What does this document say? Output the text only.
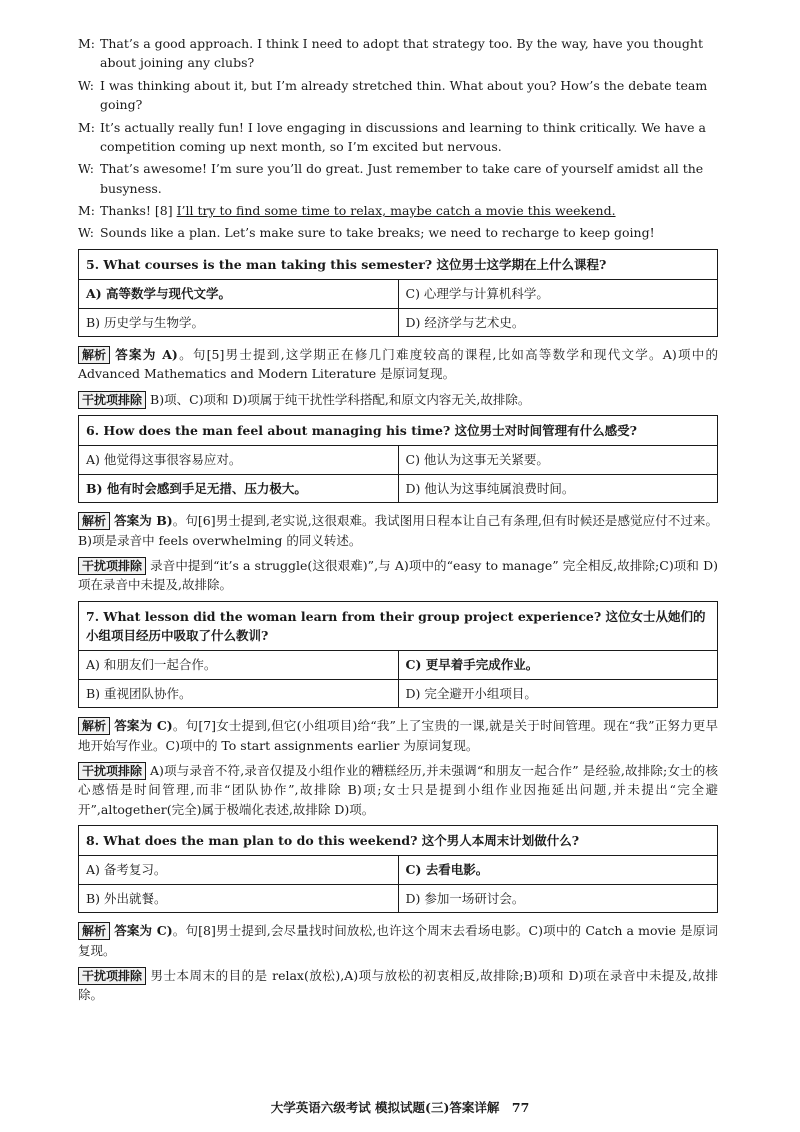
M: That’s a good approach. I think I need to adopt that strategy too. By the way, have you thought about joining any clubs?
W: I was thinking about it, but I’m already stretched thin. What about you? How’s the debate team going?
M: It’s actually really fun! I love engaging in discussions and learning to think critically. We have a competition coming up next month, so I’m excited but nervous.
W: That’s awesome! I’m sure you’ll do great. Just remember to take care of yourself amidst all the busyness.
M: Thanks! [8] I’ll try to find some time to relax, maybe catch a movie this weekend.
W: Sounds like a plan. Let’s make sure to take breaks; we need to recharge to keep going!
5. What courses is the man taking this semester? 这位男士这学期在上什么课程?	
A) 高等数学与现代文学。	C) 心理学与计算机科学。
B) 历史学与生物学。	D) 经济学与艺术史。

解析 答案为 A)。句[5]男士提到,这学期正在修几门难度较高的课程,比如高等数学和现代文学。A)项中的 Advanced Mathematics and Modern Literature 是原词复现。

干扰项排除 B)项、C)项和 D)项属于纯干扰性学科搭配,和原文内容无关,故排除。

6. How does the man feel about managing his time? 这位男士对时间管理有什么感受?	
A) 他觉得这事很容易应对。	C) 他认为这事无关紧要。
B) 他有时会感到手足无措、压力极大。	D) 他认为这事纯属浪费时间。

解析 答案为 B)。句[6]男士提到,老实说,这很艰难。我试图用日程本让自己有条理,但有时候还是感觉应付不过来。B)项是录音中 feels overwhelming 的同义转述。

干扰项排除 录音中提到“it’s a struggle(这很艰难)”,与 A)项中的“easy to manage” 完全相反,故排除;C)项和 D)项在录音中未提及,故排除。

7. What lesson did the woman learn from their group project experience? 这位女士从她们的小组项目经历中吸取了什么教训?	
A) 和朋友们一起合作。	C) 更早着手完成作业。
B) 重视团队协作。	D) 完全避开小组项目。

解析 答案为 C)。句[7]女士提到,但它(小组项目)给“我”上了宝贵的一课,就是关于时间管理。现在“我”正努力更早地开始写作业。C)项中的 To start assignments earlier 为原词复现。

干扰项排除 A)项与录音不符,录音仅提及小组作业的糟糕经历,并未强调“和朋友一起合作” 是经验,故排除;女士的核心感悟是时间管理,而非“团队协作”,故排除 B)项;女士只是提到小组作业因拖延出问题,并未提出“完全避开”,altogether(完全)属于极端化表述,故排除 D)项。

8. What does the man plan to do this weekend? 这个男人本周末计划做什么?	
A) 备考复习。	C) 去看电影。
B) 外出就餐。	D) 参加一场研讨会。

解析 答案为 C)。句[8]男士提到,会尽量找时间放松,也许这个周末去看场电影。C)项中的 Catch a movie 是原词复现。

干扰项排除 男士本周末的目的是 relax(放松),A)项与放松的初衷相反,故排除;B)项和 D)项在录音中未提及,故排除。

大学英语六级考试 模拟试题(三)答案详解　77
